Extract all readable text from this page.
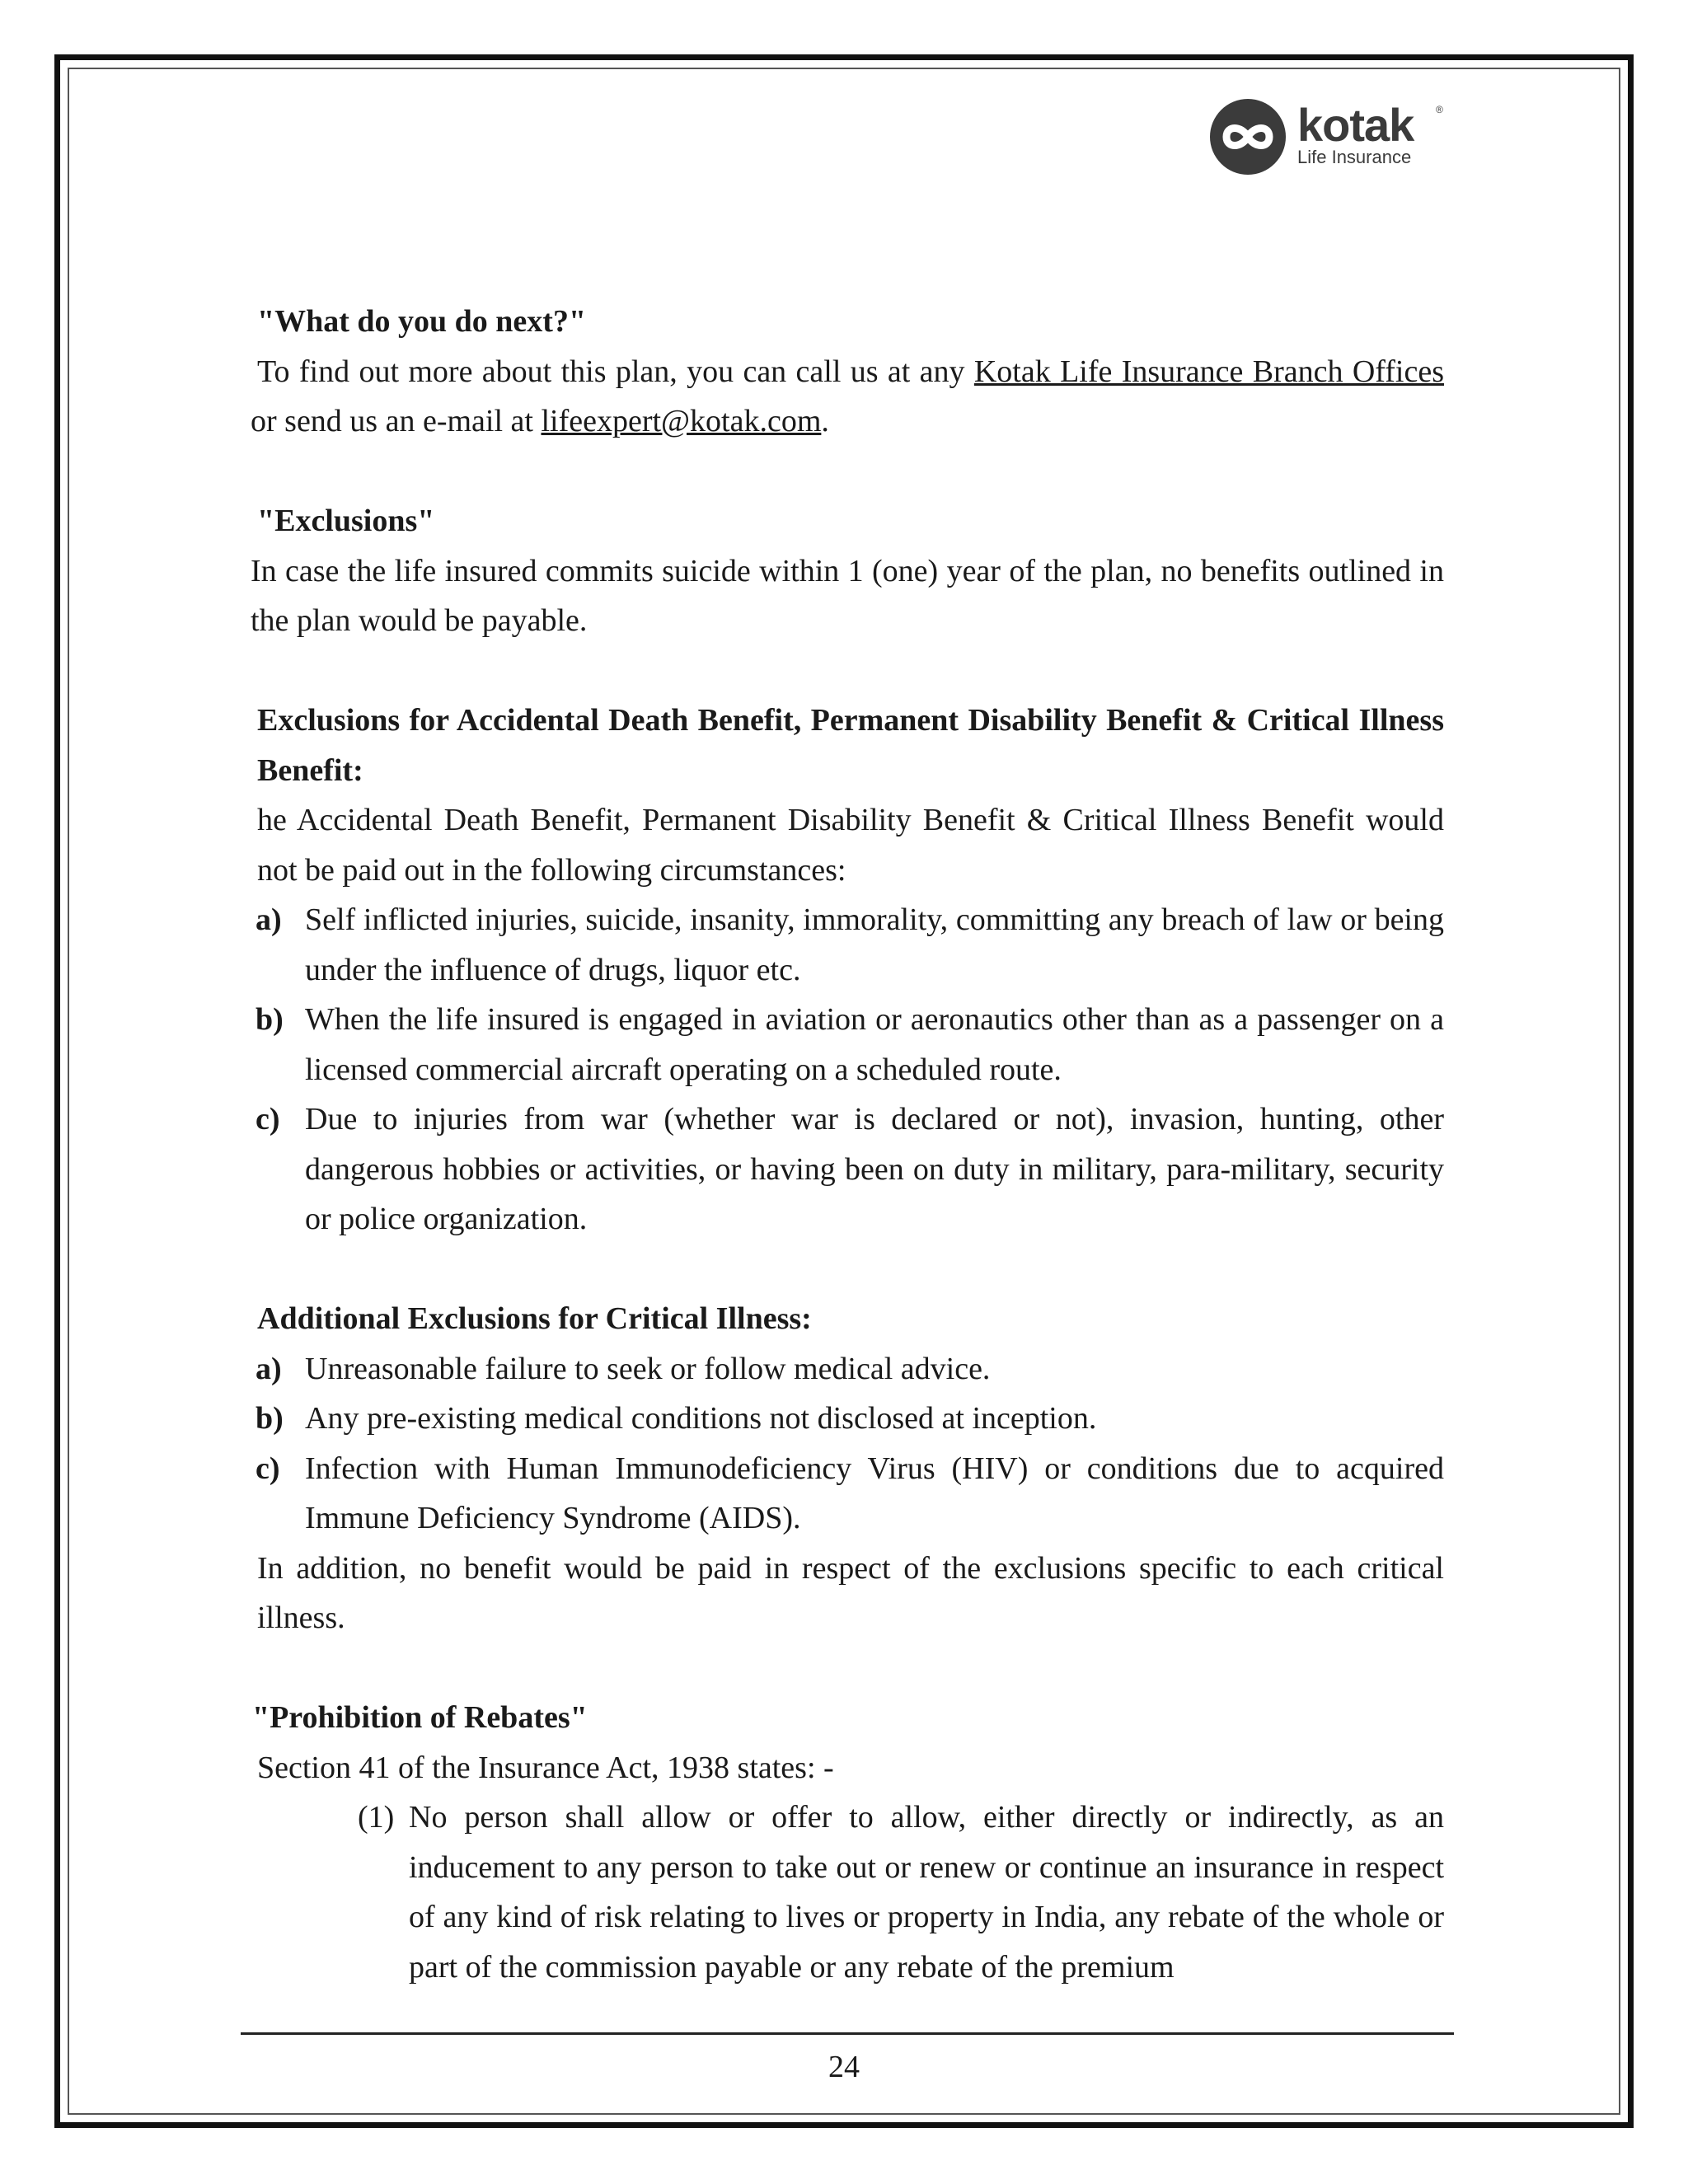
kotak ®
Life Insurance
"What do you do next?"
To find out more about this plan, you can call us at any Kotak Life Insurance Branch Offices or send us an e-mail at lifeexpert@kotak.com.
"Exclusions"
In case the life insured commits suicide within 1 (one) year of the plan, no benefits outlined in the plan would be payable.
Exclusions for Accidental Death Benefit, Permanent Disability Benefit & Critical Illness Benefit:
he Accidental Death Benefit, Permanent Disability Benefit & Critical Illness Benefit would not be paid out in the following circumstances:
a) Self inflicted injuries, suicide, insanity, immorality, committing any breach of law or being under the influence of drugs, liquor etc.
b) When the life insured is engaged in aviation or aeronautics other than as a passenger on a licensed commercial aircraft operating on a scheduled route.
c) Due to injuries from war (whether war is declared or not), invasion, hunting, other dangerous hobbies or activities, or having been on duty in military, para-military, security or police organization.
Additional Exclusions for Critical Illness:
a) Unreasonable failure to seek or follow medical advice.
b) Any pre-existing medical conditions not disclosed at inception.
c) Infection with Human Immunodeficiency Virus (HIV) or conditions due to acquired Immune Deficiency Syndrome (AIDS).
In addition, no benefit would be paid in respect of the exclusions specific to each critical illness.
"Prohibition of Rebates"
Section 41 of the Insurance Act, 1938 states: -
(1) No person shall allow or offer to allow, either directly or indirectly, as an inducement to any person to take out or renew or continue an insurance in respect of any kind of risk relating to lives or property in India, any rebate of the whole or part of the commission payable or any rebate of the premium
24
